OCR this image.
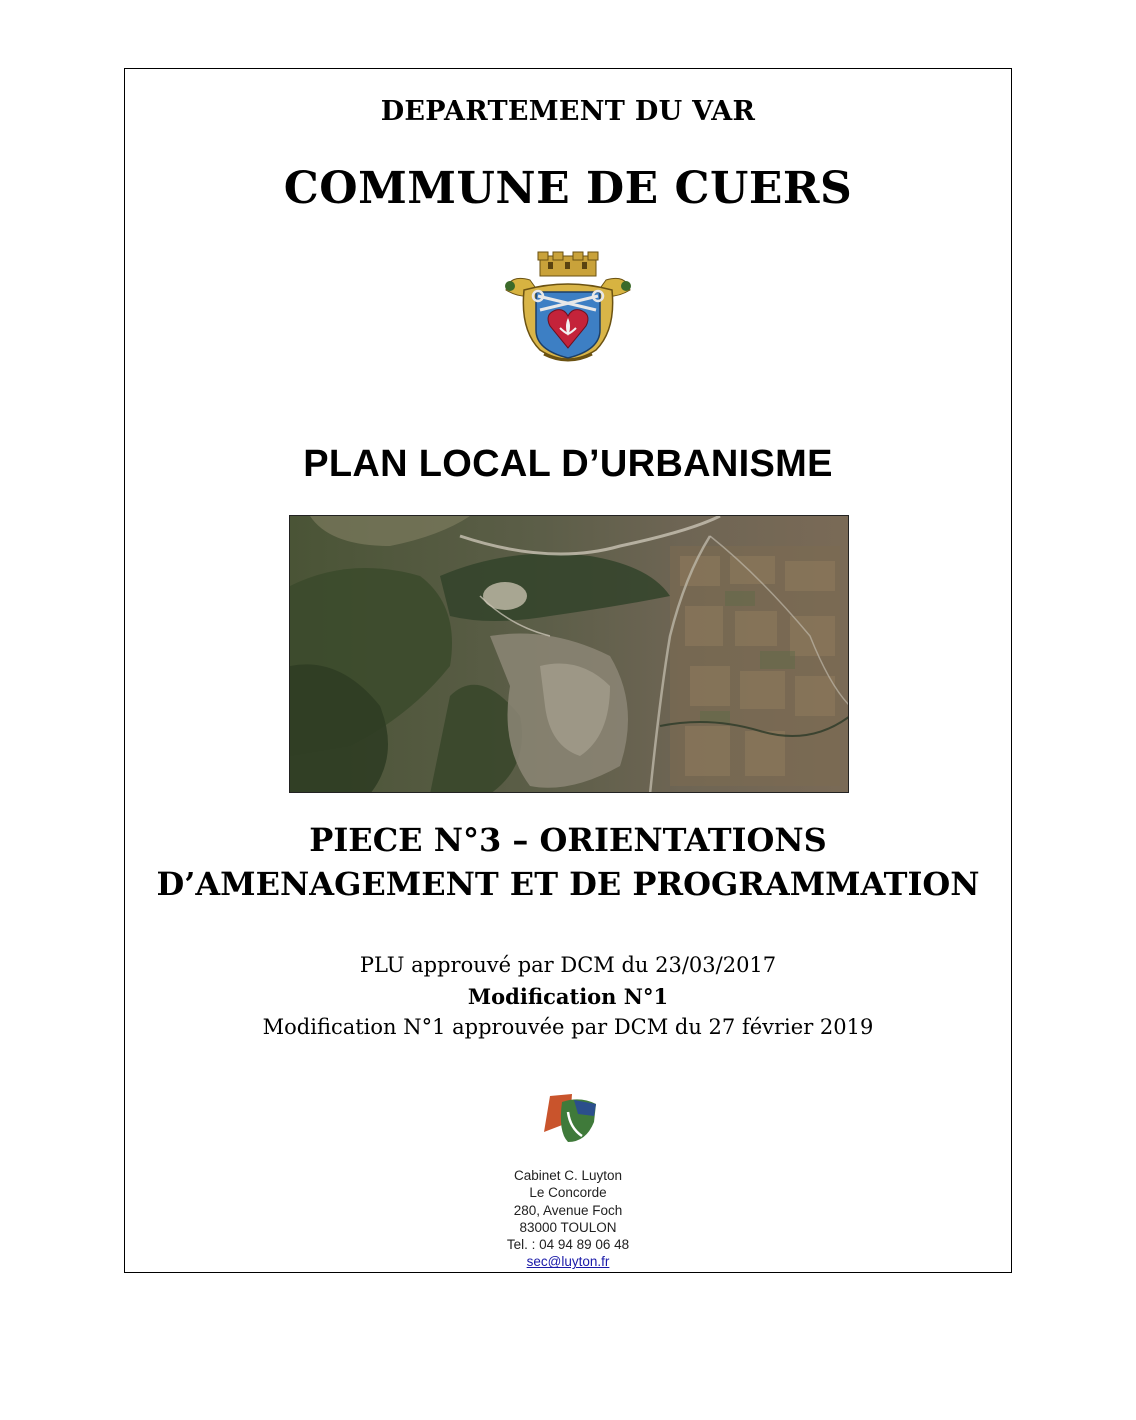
DEPARTEMENT DU VAR
COMMUNE DE CUERS
PLAN LOCAL D’URBANISME
PIECE N°3 – ORIENTATIONS
D’AMENAGEMENT ET DE PROGRAMMATION
PLU approuvé par DCM du 23/03/2017
Modification N°1
Modification N°1 approuvée par DCM du 27 février 2019
Cabinet C. Luyton
Le Concorde
280, Avenue Foch
83000 TOULON
Tel. : 04 94 89 06 48
sec@luyton.fr
